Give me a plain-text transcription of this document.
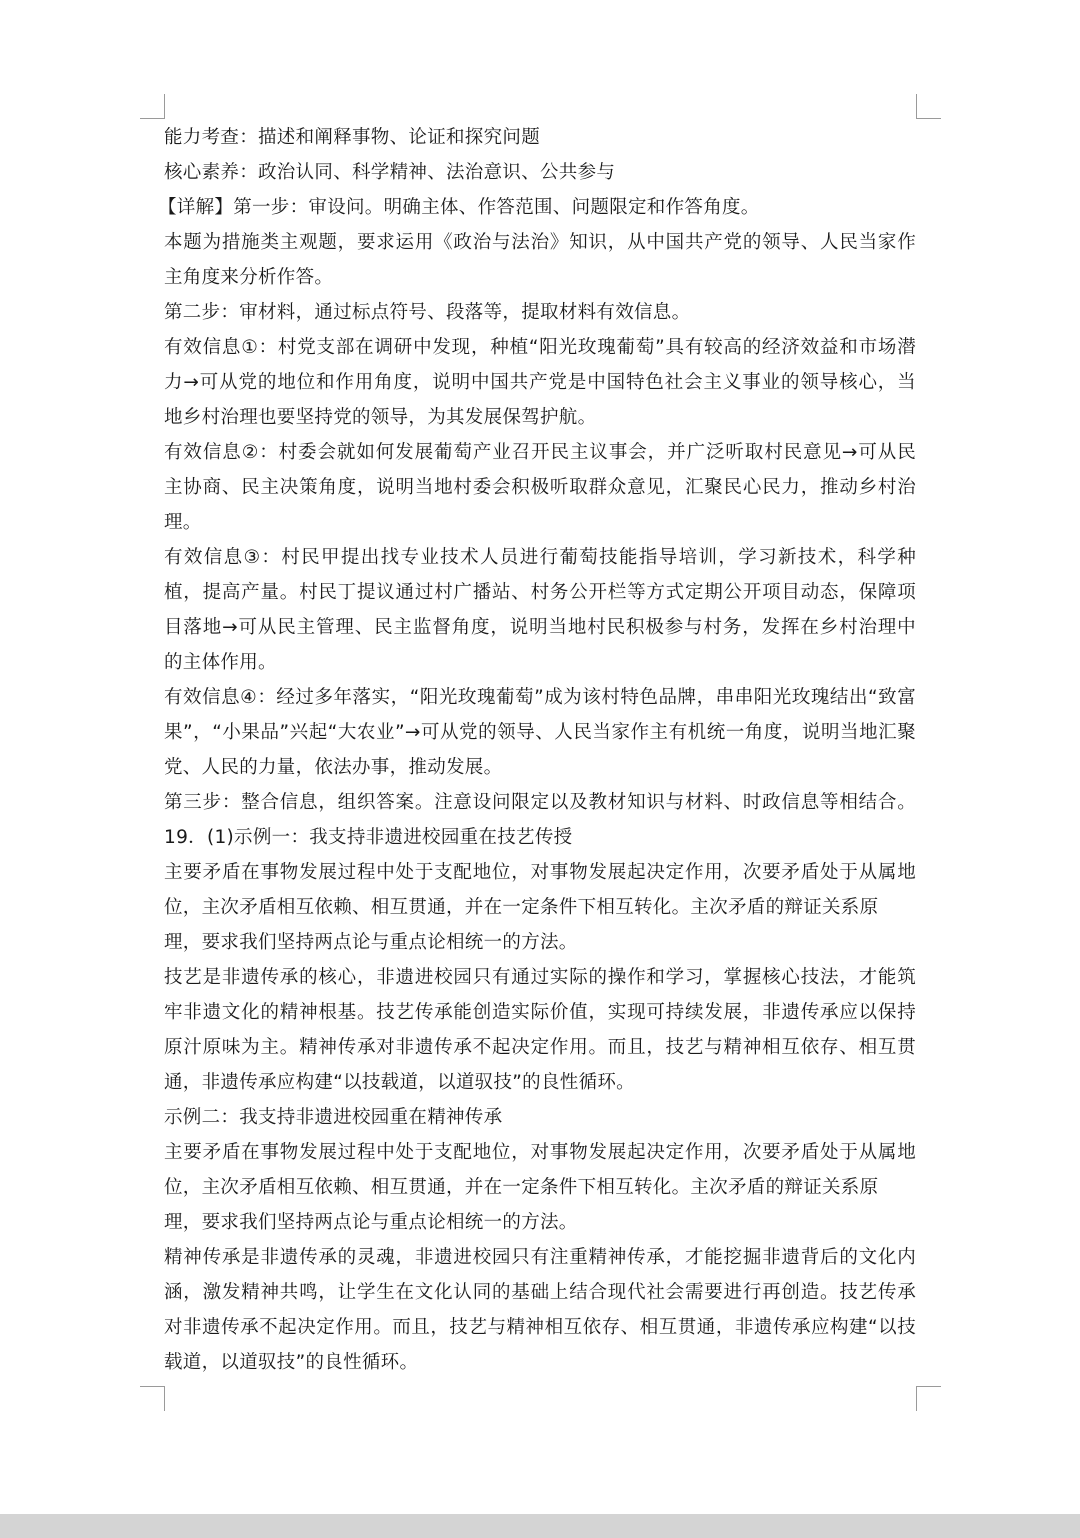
能力考查：描述和阐释事物、论证和探究问题
核心素养：政治认同、科学精神、法治意识、公共参与
【详解】第一步：审设问。明确主体、作答范围、问题限定和作答角度。
本题为措施类主观题，要求运用《政治与法治》知识，从中国共产党的领导、人民当家作
主角度来分析作答。
第二步：审材料，通过标点符号、段落等，提取材料有效信息。
有效信息①：村党支部在调研中发现，种植“阳光玫瑰葡萄”具有较高的经济效益和市场潜
力→可从党的地位和作用角度，说明中国共产党是中国特色社会主义事业的领导核心，当
地乡村治理也要坚持党的领导，为其发展保驾护航。
有效信息②：村委会就如何发展葡萄产业召开民主议事会，并广泛听取村民意见→可从民
主协商、民主决策角度，说明当地村委会积极听取群众意见，汇聚民心民力，推动乡村治
理。
有效信息③：村民甲提出找专业技术人员进行葡萄技能指导培训，学习新技术，科学种
植，提高产量。村民丁提议通过村广播站、村务公开栏等方式定期公开项目动态，保障项
目落地→可从民主管理、民主监督角度，说明当地村民积极参与村务，发挥在乡村治理中
的主体作用。
有效信息④：经过多年落实，“阳光玫瑰葡萄”成为该村特色品牌，串串阳光玫瑰结出“致富
果”，“小果品”兴起“大农业”→可从党的领导、人民当家作主有机统一角度，说明当地汇聚
党、人民的力量，依法办事，推动发展。
第三步：整合信息，组织答案。注意设问限定以及教材知识与材料、时政信息等相结合。
19．(1)示例一：我支持非遗进校园重在技艺传授
主要矛盾在事物发展过程中处于支配地位，对事物发展起决定作用，次要矛盾处于从属地
位，主次矛盾相互依赖、相互贯通，并在一定条件下相互转化。主次矛盾的辩证关系原
理，要求我们坚持两点论与重点论相统一的方法。
技艺是非遗传承的核心，非遗进校园只有通过实际的操作和学习，掌握核心技法，才能筑
牢非遗文化的精神根基。技艺传承能创造实际价值，实现可持续发展，非遗传承应以保持
原汁原味为主。精神传承对非遗传承不起决定作用。而且，技艺与精神相互依存、相互贯
通，非遗传承应构建“以技载道，以道驭技”的良性循环。
示例二：我支持非遗进校园重在精神传承
主要矛盾在事物发展过程中处于支配地位，对事物发展起决定作用，次要矛盾处于从属地
位，主次矛盾相互依赖、相互贯通，并在一定条件下相互转化。主次矛盾的辩证关系原
理，要求我们坚持两点论与重点论相统一的方法。
精神传承是非遗传承的灵魂，非遗进校园只有注重精神传承，才能挖掘非遗背后的文化内
涵，激发精神共鸣，让学生在文化认同的基础上结合现代社会需要进行再创造。技艺传承
对非遗传承不起决定作用。而且，技艺与精神相互依存、相互贯通，非遗传承应构建“以技
载道，以道驭技”的良性循环。
